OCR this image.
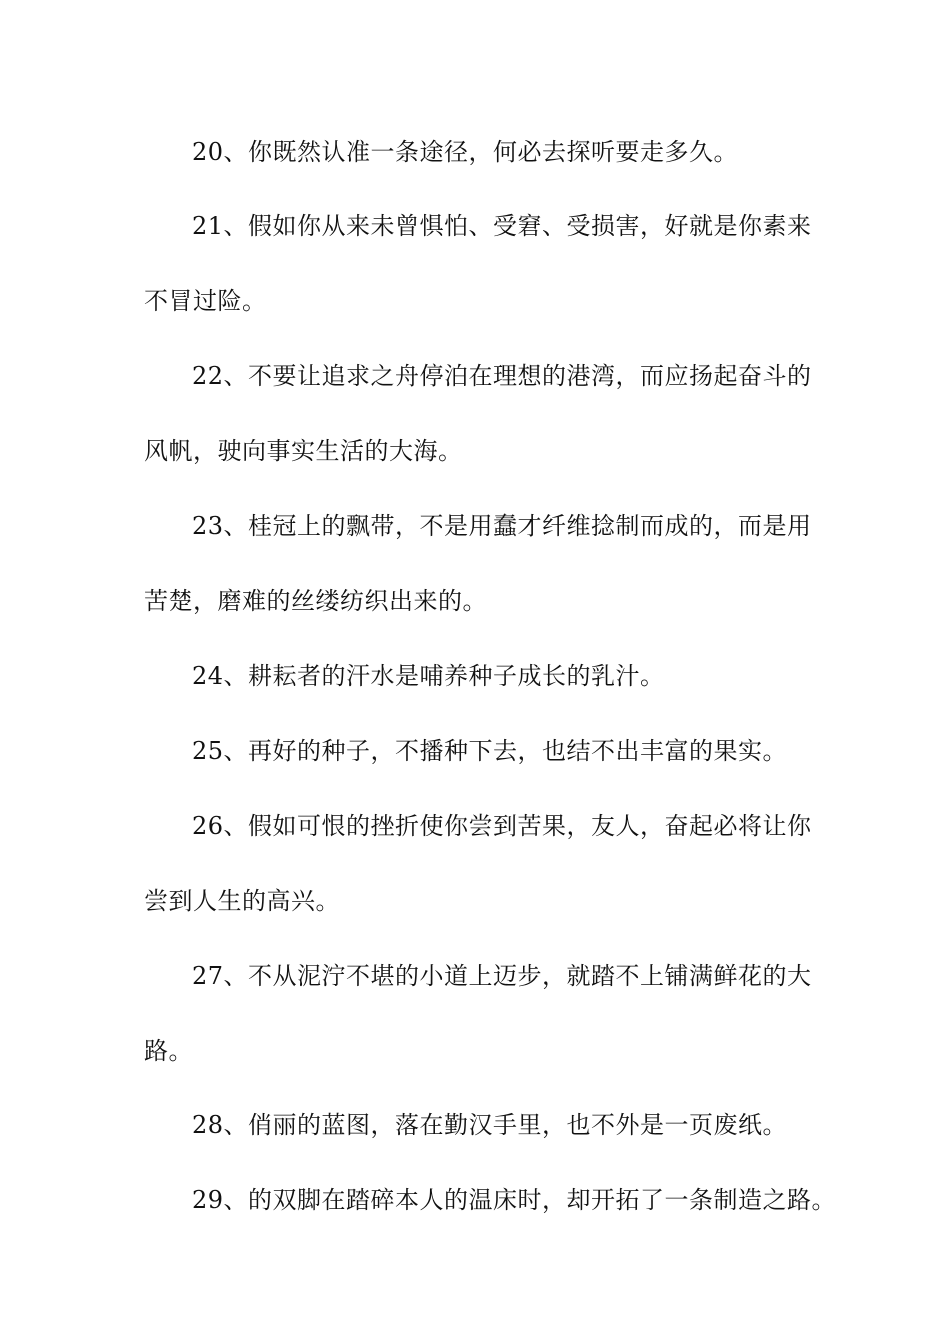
20、你既然认准一条途径，何必去探听要走多久。
21、假如你从来未曾惧怕、受窘、受损害，好就是你素来
不冒过险。
22、不要让追求之舟停泊在理想的港湾，而应扬起奋斗的
风帆，驶向事实生活的大海。
23、桂冠上的飘带，不是用蠢才纤维捻制而成的，而是用
苦楚，磨难的丝缕纺织出来的。
24、耕耘者的汗水是哺养种子成长的乳汁。
25、再好的种子，不播种下去，也结不出丰富的果实。
26、假如可恨的挫折使你尝到苦果，友人，奋起必将让你
尝到人生的高兴。
27、不从泥泞不堪的小道上迈步，就踏不上铺满鲜花的大
路。
28、俏丽的蓝图，落在勤汉手里，也不外是一页废纸。
29、的双脚在踏碎本人的温床时，却开拓了一条制造之路。
